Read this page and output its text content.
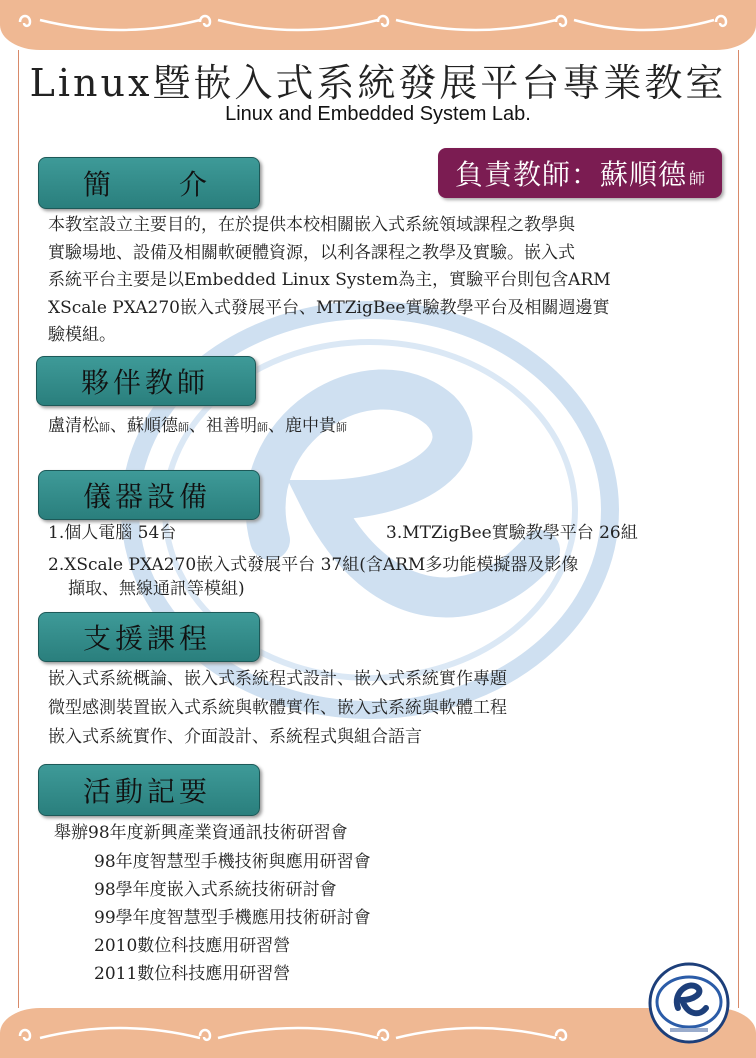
Linux暨嵌入式系統發展平台專業教室
Linux and Embedded System Lab.
負責教師：蘇順德 師
簡　　介
本教室設立主要目的，在於提供本校相關嵌入式系統領域課程之教學與
實驗場地、設備及相關軟硬體資源，以利各課程之教學及實驗。嵌入式
系統平台主要是以Embedded Linux System為主，實驗平台則包含ARM
XScale PXA270嵌入式發展平台、MTZigBee實驗教學平台及相關週邊實
驗模組。
夥伴教師
盧清松師、蘇順德師、祖善明師、鹿中貴師
儀器設備
1.個人電腦 54台	3.MTZigBee實驗教學平台 26組
2.XScale PXA270嵌入式發展平台 37組(含ARM多功能模擬器及影像
擷取、無線通訊等模組)
支援課程
嵌入式系統概論、嵌入式系統程式設計、嵌入式系統實作專題
微型感測裝置嵌入式系統與軟體實作、嵌入式系統與軟體工程
嵌入式系統實作、介面設計、系統程式與組合語言
活動記要
舉辦98年度新興產業資通訊技術研習會
98年度智慧型手機技術與應用研習會
98學年度嵌入式系統技術研討會
99學年度智慧型手機應用技術研討會
2010數位科技應用研習營
2011數位科技應用研習營
